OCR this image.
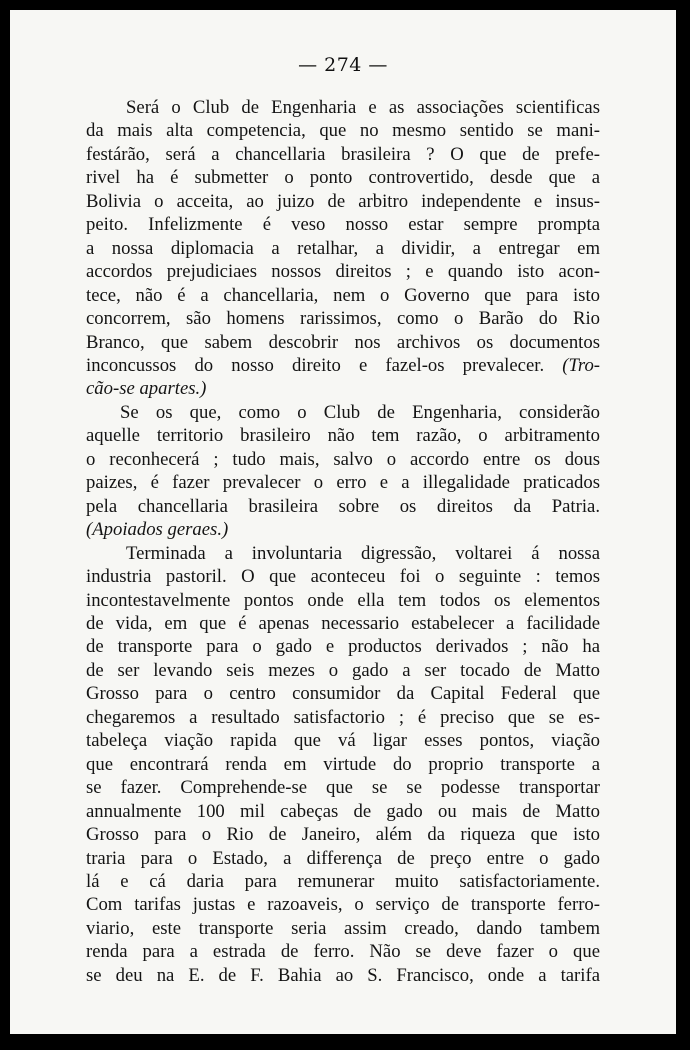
— 274 —
Será o Club de Engenharia e as associações scientificas
da mais alta competencia, que no mesmo sentido se mani-
festárão, será a chancellaria brasileira ? O que de prefe-
rivel ha é submetter o ponto controvertido, desde que a
Bolivia o acceita, ao juizo de arbitro independente e insus-
peito. Infelizmente é veso nosso estar sempre prompta
a nossa diplomacia a retalhar, a dividir, a entregar em
accordos prejudiciaes nossos direitos ; e quando isto acon-
tece, não é a chancellaria, nem o Governo que para isto
concorrem, são homens rarissimos, como o Barão do Rio
Branco, que sabem descobrir nos archivos os documentos
inconcussos do nosso direito e fazel-os prevalecer. (Tro-
cão-se apartes.)
Se os que, como o Club de Engenharia, considerão
aquelle territorio brasileiro não tem razão, o arbitramento
o reconhecerá ; tudo mais, salvo o accordo entre os dous
paizes, é fazer prevalecer o erro e a illegalidade praticados
pela chancellaria brasileira sobre os direitos da Patria.
(Apoiados geraes.)
Terminada a involuntaria digressão, voltarei á nossa
industria pastoril. O que aconteceu foi o seguinte : temos
incontestavelmente pontos onde ella tem todos os elementos
de vida, em que é apenas necessario estabelecer a facilidade
de transporte para o gado e productos derivados ; não ha
de ser levando seis mezes o gado a ser tocado de Matto
Grosso para o centro consumidor da Capital Federal que
chegaremos a resultado satisfactorio ; é preciso que se es-
tabeleça viação rapida que vá ligar esses pontos, viação
que encontrará renda em virtude do proprio transporte a
se fazer. Comprehende-se que se se podesse transportar
annualmente 100 mil cabeças de gado ou mais de Matto
Grosso para o Rio de Janeiro, além da riqueza que isto
traria para o Estado, a differença de preço entre o gado
lá e cá daria para remunerar muito satisfactoriamente.
Com tarifas justas e razoaveis, o serviço de transporte ferro-
viario, este transporte seria assim creado, dando tambem
renda para a estrada de ferro. Não se deve fazer o que
se deu na E. de F. Bahia ao S. Francisco, onde a tarifa
